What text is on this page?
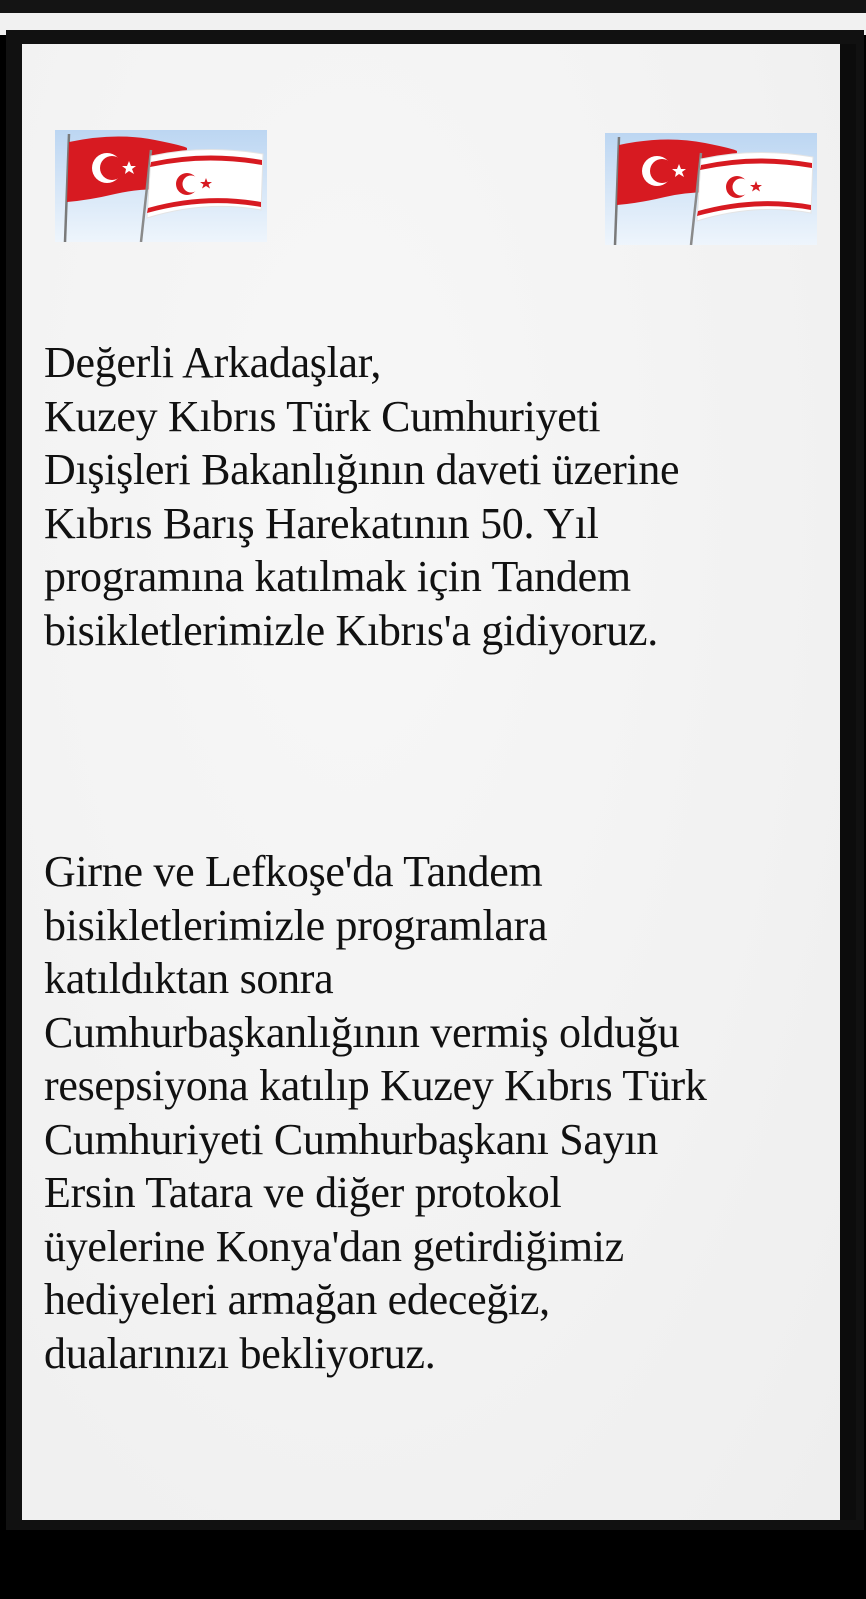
Değerli Arkadaşlar,
Kuzey Kıbrıs Türk Cumhuriyeti
Dışişleri Bakanlığının daveti üzerine
Kıbrıs Barış Harekatının 50. Yıl
programına katılmak için Tandem
bisikletlerimizle Kıbrıs'a gidiyoruz.
Girne ve Lefkoşe'da Tandem
bisikletlerimizle programlara
katıldıktan sonra
Cumhurbaşkanlığının vermiş olduğu
resepsiyona katılıp Kuzey Kıbrıs Türk
Cumhuriyeti Cumhurbaşkanı Sayın
Ersin Tatara ve diğer protokol
üyelerine Konya'dan getirdiğimiz
hediyeleri armağan edeceğiz,
dualarınızı bekliyoruz.
